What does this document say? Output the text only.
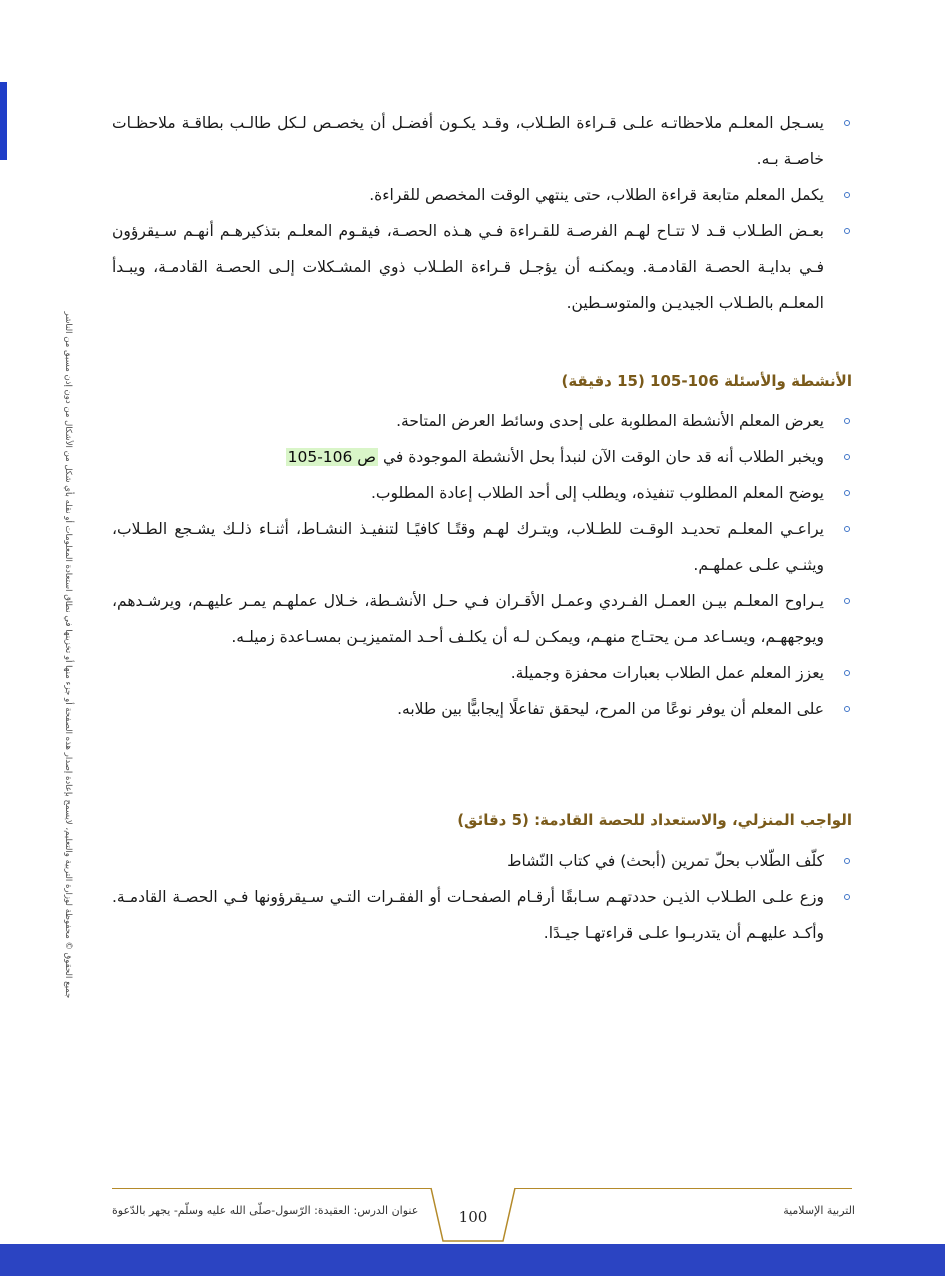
جميع الحقوق © محفوظة لوزارة التربية والتعليم، لايسمح بإعادة إصدار هذه الصفحة أو جزء منها أو تخزينها في نطاق استعادة المعلومات أو نقله بأي شكل من الأشكال من دون إذن مسبق من الناشر
يسـجل المعلـم ملاحظاتـه علـى قـراءة الطـلاب، وقـد يكـون أفضـل أن يخصـص لـكل طالـب بطاقـة ملاحظـات خاصـة بـه.
يكمل المعلم متابعة قراءة الطلاب، حتى ينتهي الوقت المخصص للقراءة.
بعـض الطـلاب قـد لا تتـاح لهـم الفرصـة للقـراءة فـي هـذه الحصـة، فيقـوم المعلـم بتذكيرهـم أنهـم سـيقرؤون فـي بدايـة الحصـة القادمـة. ويمكنـه أن يؤجـل قـراءة الطـلاب ذوي المشـكلات إلـى الحصـة القادمـة، ويبـدأ المعلـم بالطـلاب الجيديـن والمتوسـطين.
الأنشطة والأسئلة 106-105 (15 دقيقة)
يعرض المعلم الأنشطة المطلوبة على إحدى وسائط العرض المتاحة.
ويخبر الطلاب أنه قد حان الوقت الآن لنبدأ بحل الأنشطة الموجودة في ص 106-105
يوضح المعلم المطلوب تنفيذه، ويطلب إلى أحد الطلاب إعادة المطلوب.
يراعـي المعلـم تحديـد الوقـت للطـلاب، ويتـرك لهـم وقتًـا كافيًـا لتنفيـذ النشـاط، أثنـاء ذلـك يشـجع الطـلاب، ويثنـي علـى عملهـم.
يـراوح المعلـم بيـن العمـل الفـردي وعمـل الأقـران فـي حـل الأنشـطة، خـلال عملهـم يمـر عليهـم، ويرشـدهم، ويوجههـم، ويسـاعد مـن يحتـاج منهـم، ويمكـن لـه أن يكلـف أحـد المتميزيـن بمسـاعدة زميلـه.
يعزز المعلم عمل الطلاب بعبارات محفزة وجميلة.
على المعلم أن يوفر نوعًا من المرح، ليحقق تفاعلًا إيجابيًّا بين طلابه.
الواجب المنزلي، والاستعداد للحصة القادمة: (5 دقائق)
كلّف الطّلاب بحلّ تمرين (أبحث) في كتاب النّشاط
وزع علـى الطـلاب الذيـن حددتهـم سـابقًا أرقـام الصفحـات أو الفقـرات التـي سـيقرؤونها فـي الحصـة القادمـة. وأكـد عليهـم أن يتدربـوا علـى قراءتهـا جيـدًا.
100
عنوان الدرس: العقيدة: الرّسول-صلّى الله عليه وسلّم- يجهر بالدّعوة	التربية الإسلامية
